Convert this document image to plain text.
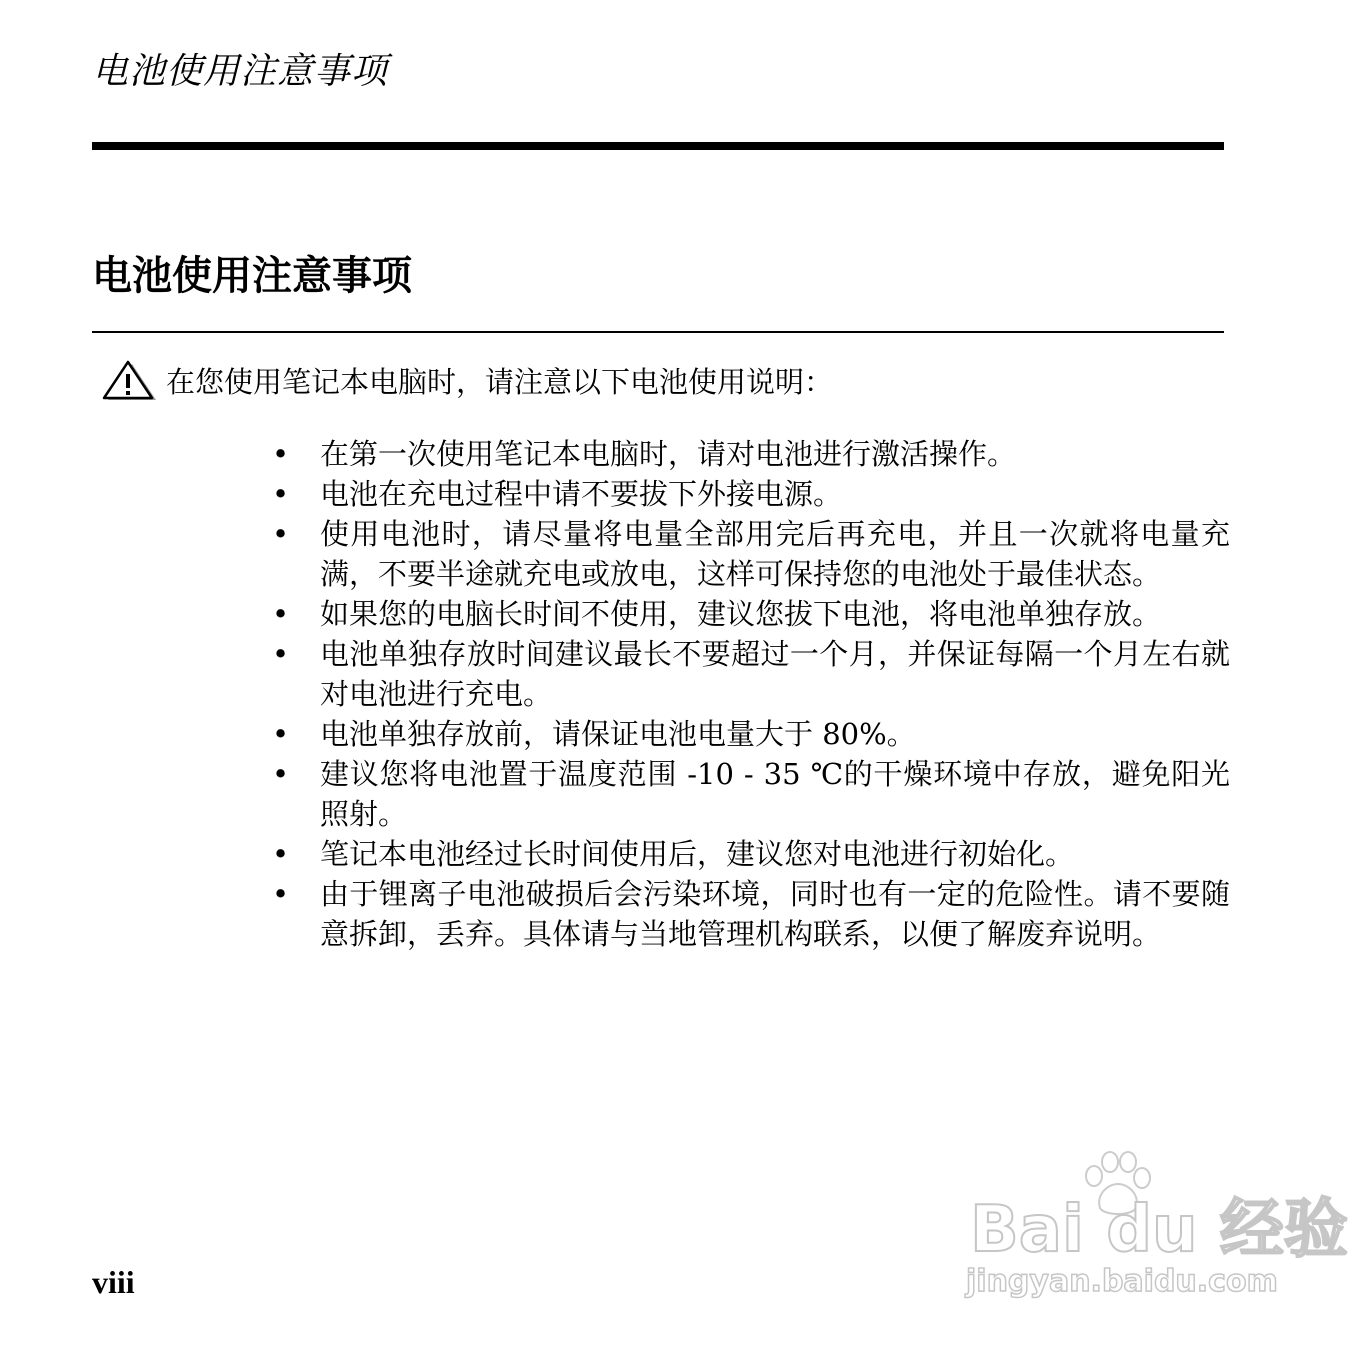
电池使用注意事项
电池使用注意事项
在您使用笔记本电脑时，请注意以下电池使用说明：
•	在第一次使用笔记本电脑时，请对电池进行激活操作。
•	电池在充电过程中请不要拔下外接电源。
•	使用电池时，请尽量将电量全部用完后再充电，并且一次就将电量充满，不要半途就充电或放电，这样可保持您的电池处于最佳状态。
•	如果您的电脑长时间不使用，建议您拔下电池，将电池单独存放。
•	电池单独存放时间建议最长不要超过一个月，并保证每隔一个月左右就对电池进行充电。
•	电池单独存放前，请保证电池电量大于 80%。
•	建议您将电池置于温度范围 -10 - 35 ℃的干燥环境中存放，避免阳光照射。
•	笔记本电池经过长时间使用后，建议您对电池进行初始化。
•	由于锂离子电池破损后会污染环境，同时也有一定的危险性。请不要随意拆卸，丢弃。具体请与当地管理机构联系，以便了解废弃说明。
viii
Bai du 经验
jingyan.baidu.com
